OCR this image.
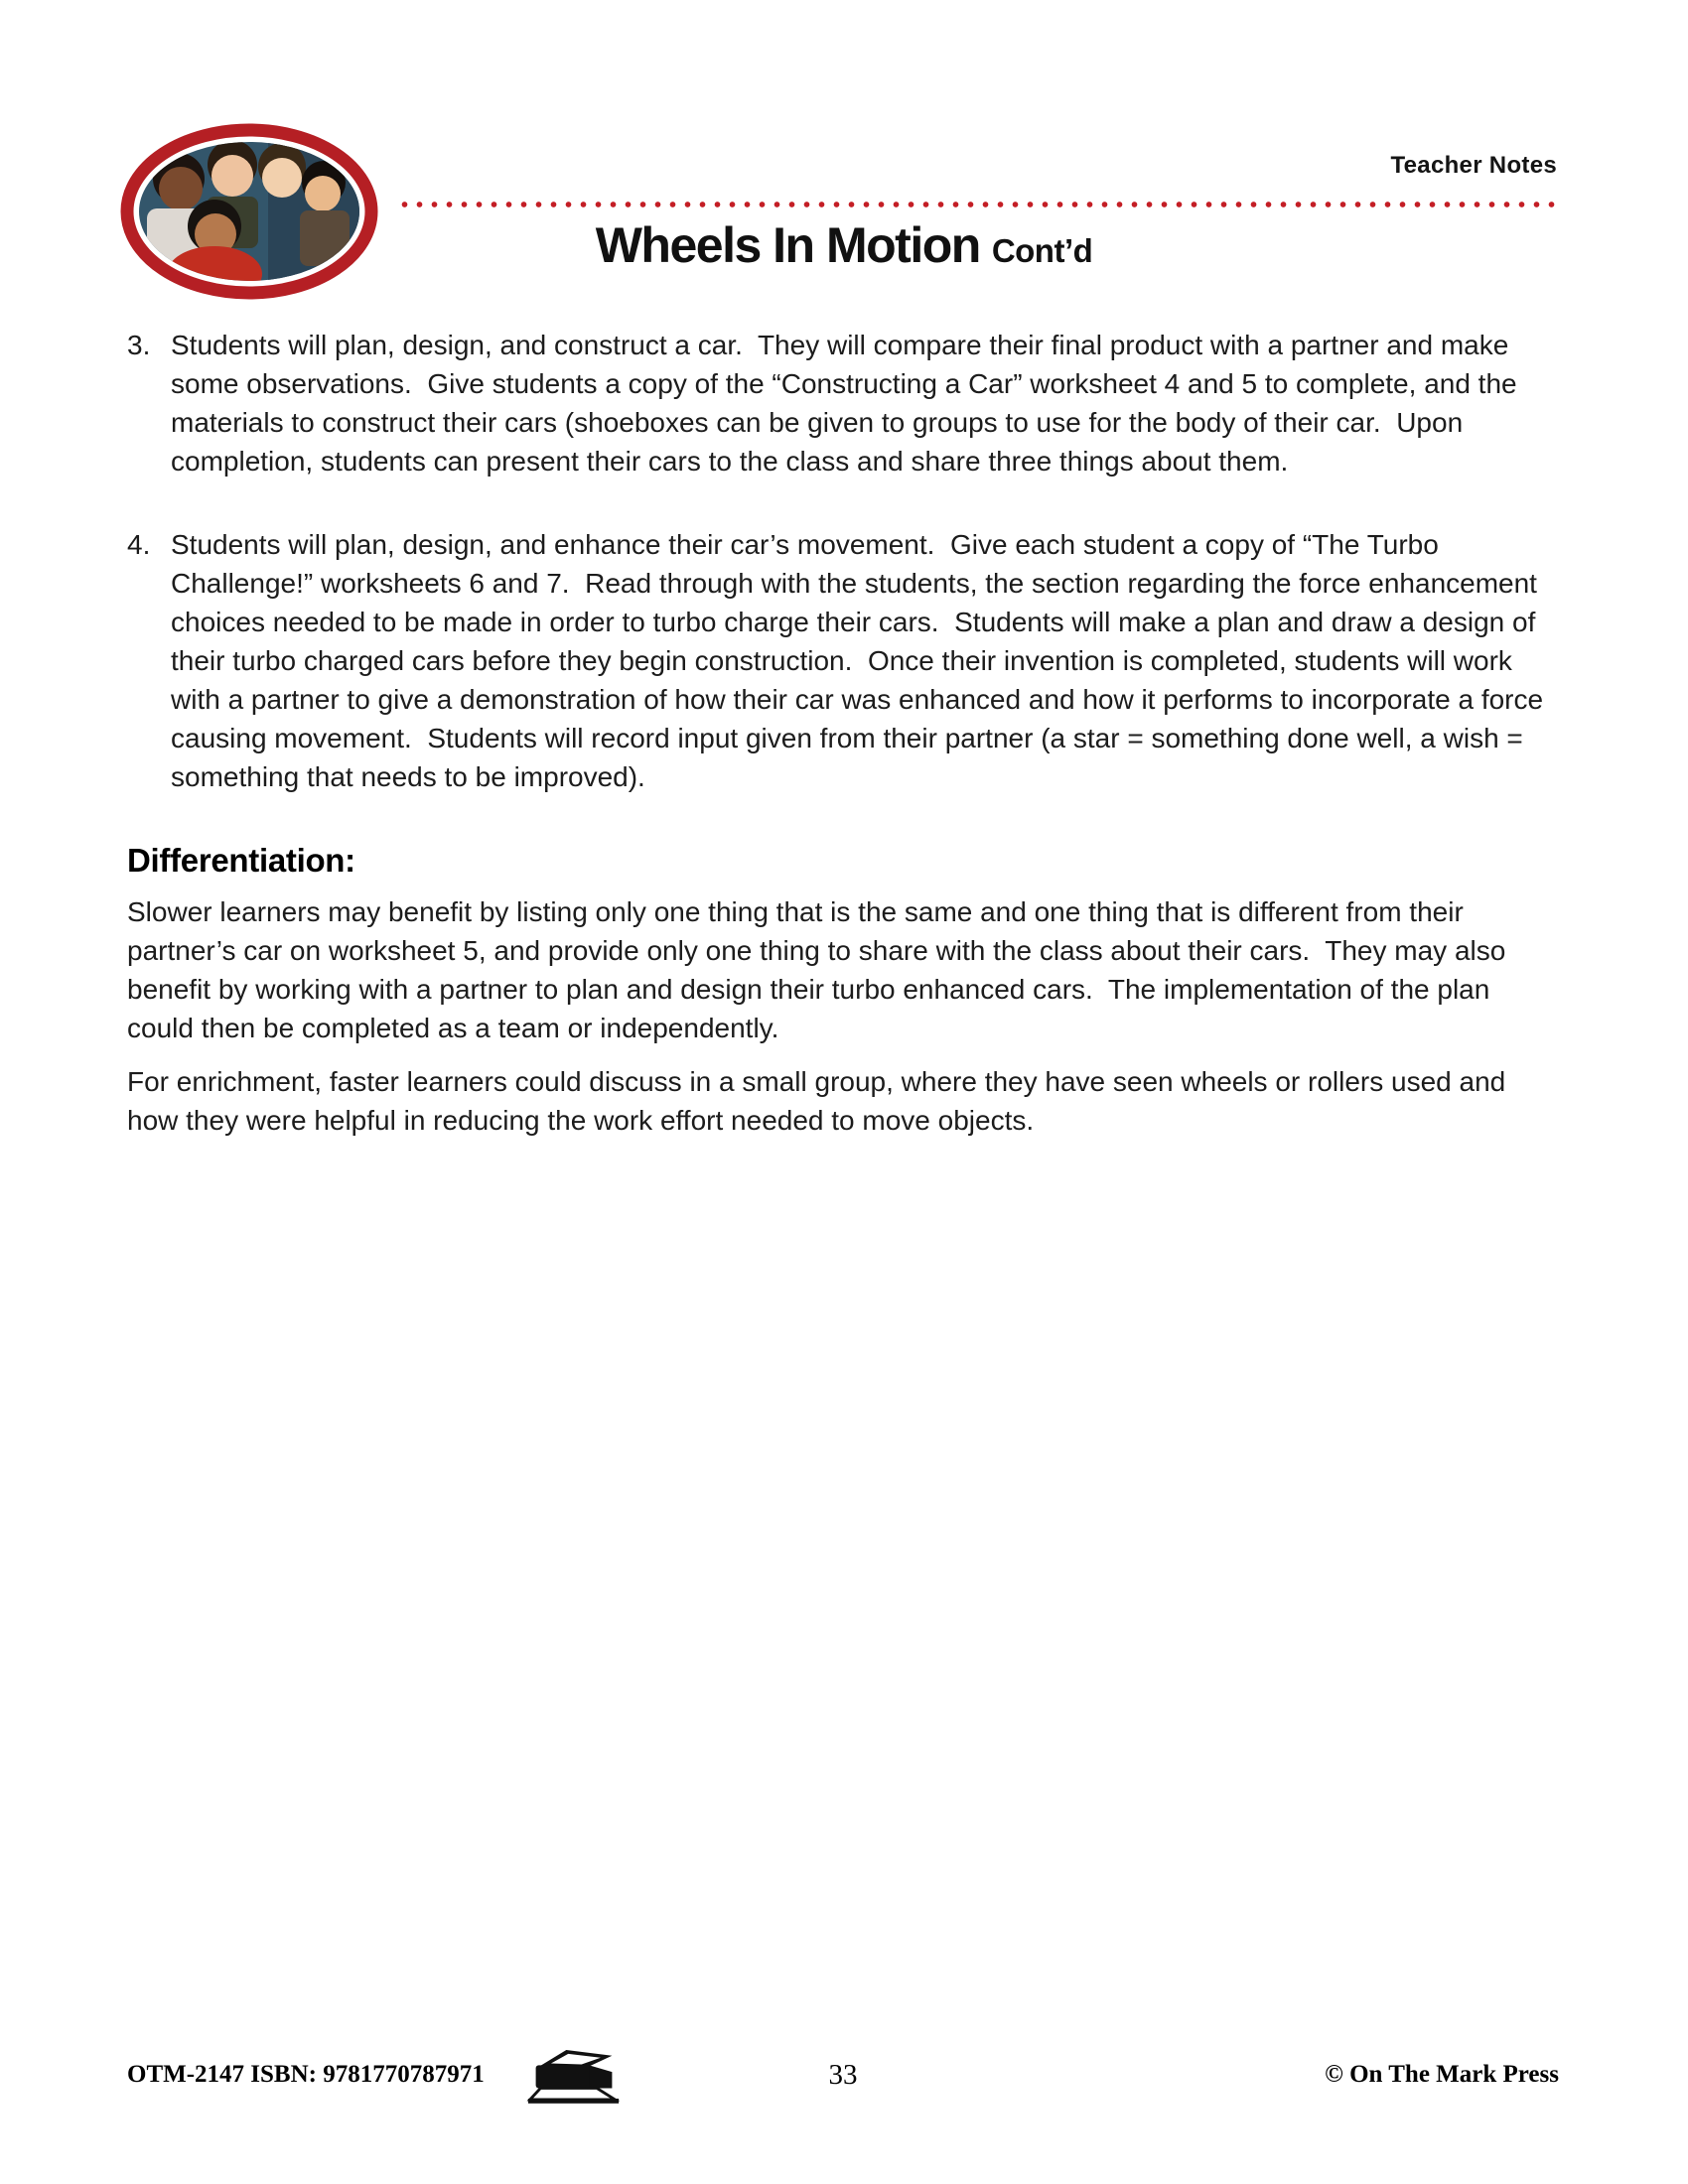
Teacher Notes
Wheels In Motion Cont’d
3. Students will plan, design, and construct a car.  They will compare their final product with a partner and make some observations.  Give students a copy of the “Constructing a Car” worksheet 4 and 5 to complete, and the materials to construct their cars (shoeboxes can be given to groups to use for the body of their car.  Upon completion, students can present their cars to the class and share three things about them.
4. Students will plan, design, and enhance their car’s movement.  Give each student a copy of “The Turbo Challenge!” worksheets 6 and 7.  Read through with the students, the section regarding the force enhancement choices needed to be made in order to turbo charge their cars.  Students will make a plan and draw a design of their turbo charged cars before they begin construction.  Once their invention is completed, students will work with a partner to give a demonstration of how their car was enhanced and how it performs to incorporate a force causing movement.  Students will record input given from their partner (a star = something done well, a wish = something that needs to be improved).
Differentiation:

Slower learners may benefit by listing only one thing that is the same and one thing that is different from their partner’s car on worksheet 5, and provide only one thing to share with the class about their cars.  They may also benefit by working with a partner to plan and design their turbo enhanced cars.  The implementation of the plan could then be completed as a team or independently.

For enrichment, faster learners could discuss in a small group, where they have seen wheels or rollers used and how they were helpful in reducing the work effort needed to move objects.

OTM-2147 ISBN: 9781770787971	33	© On The Mark Press
